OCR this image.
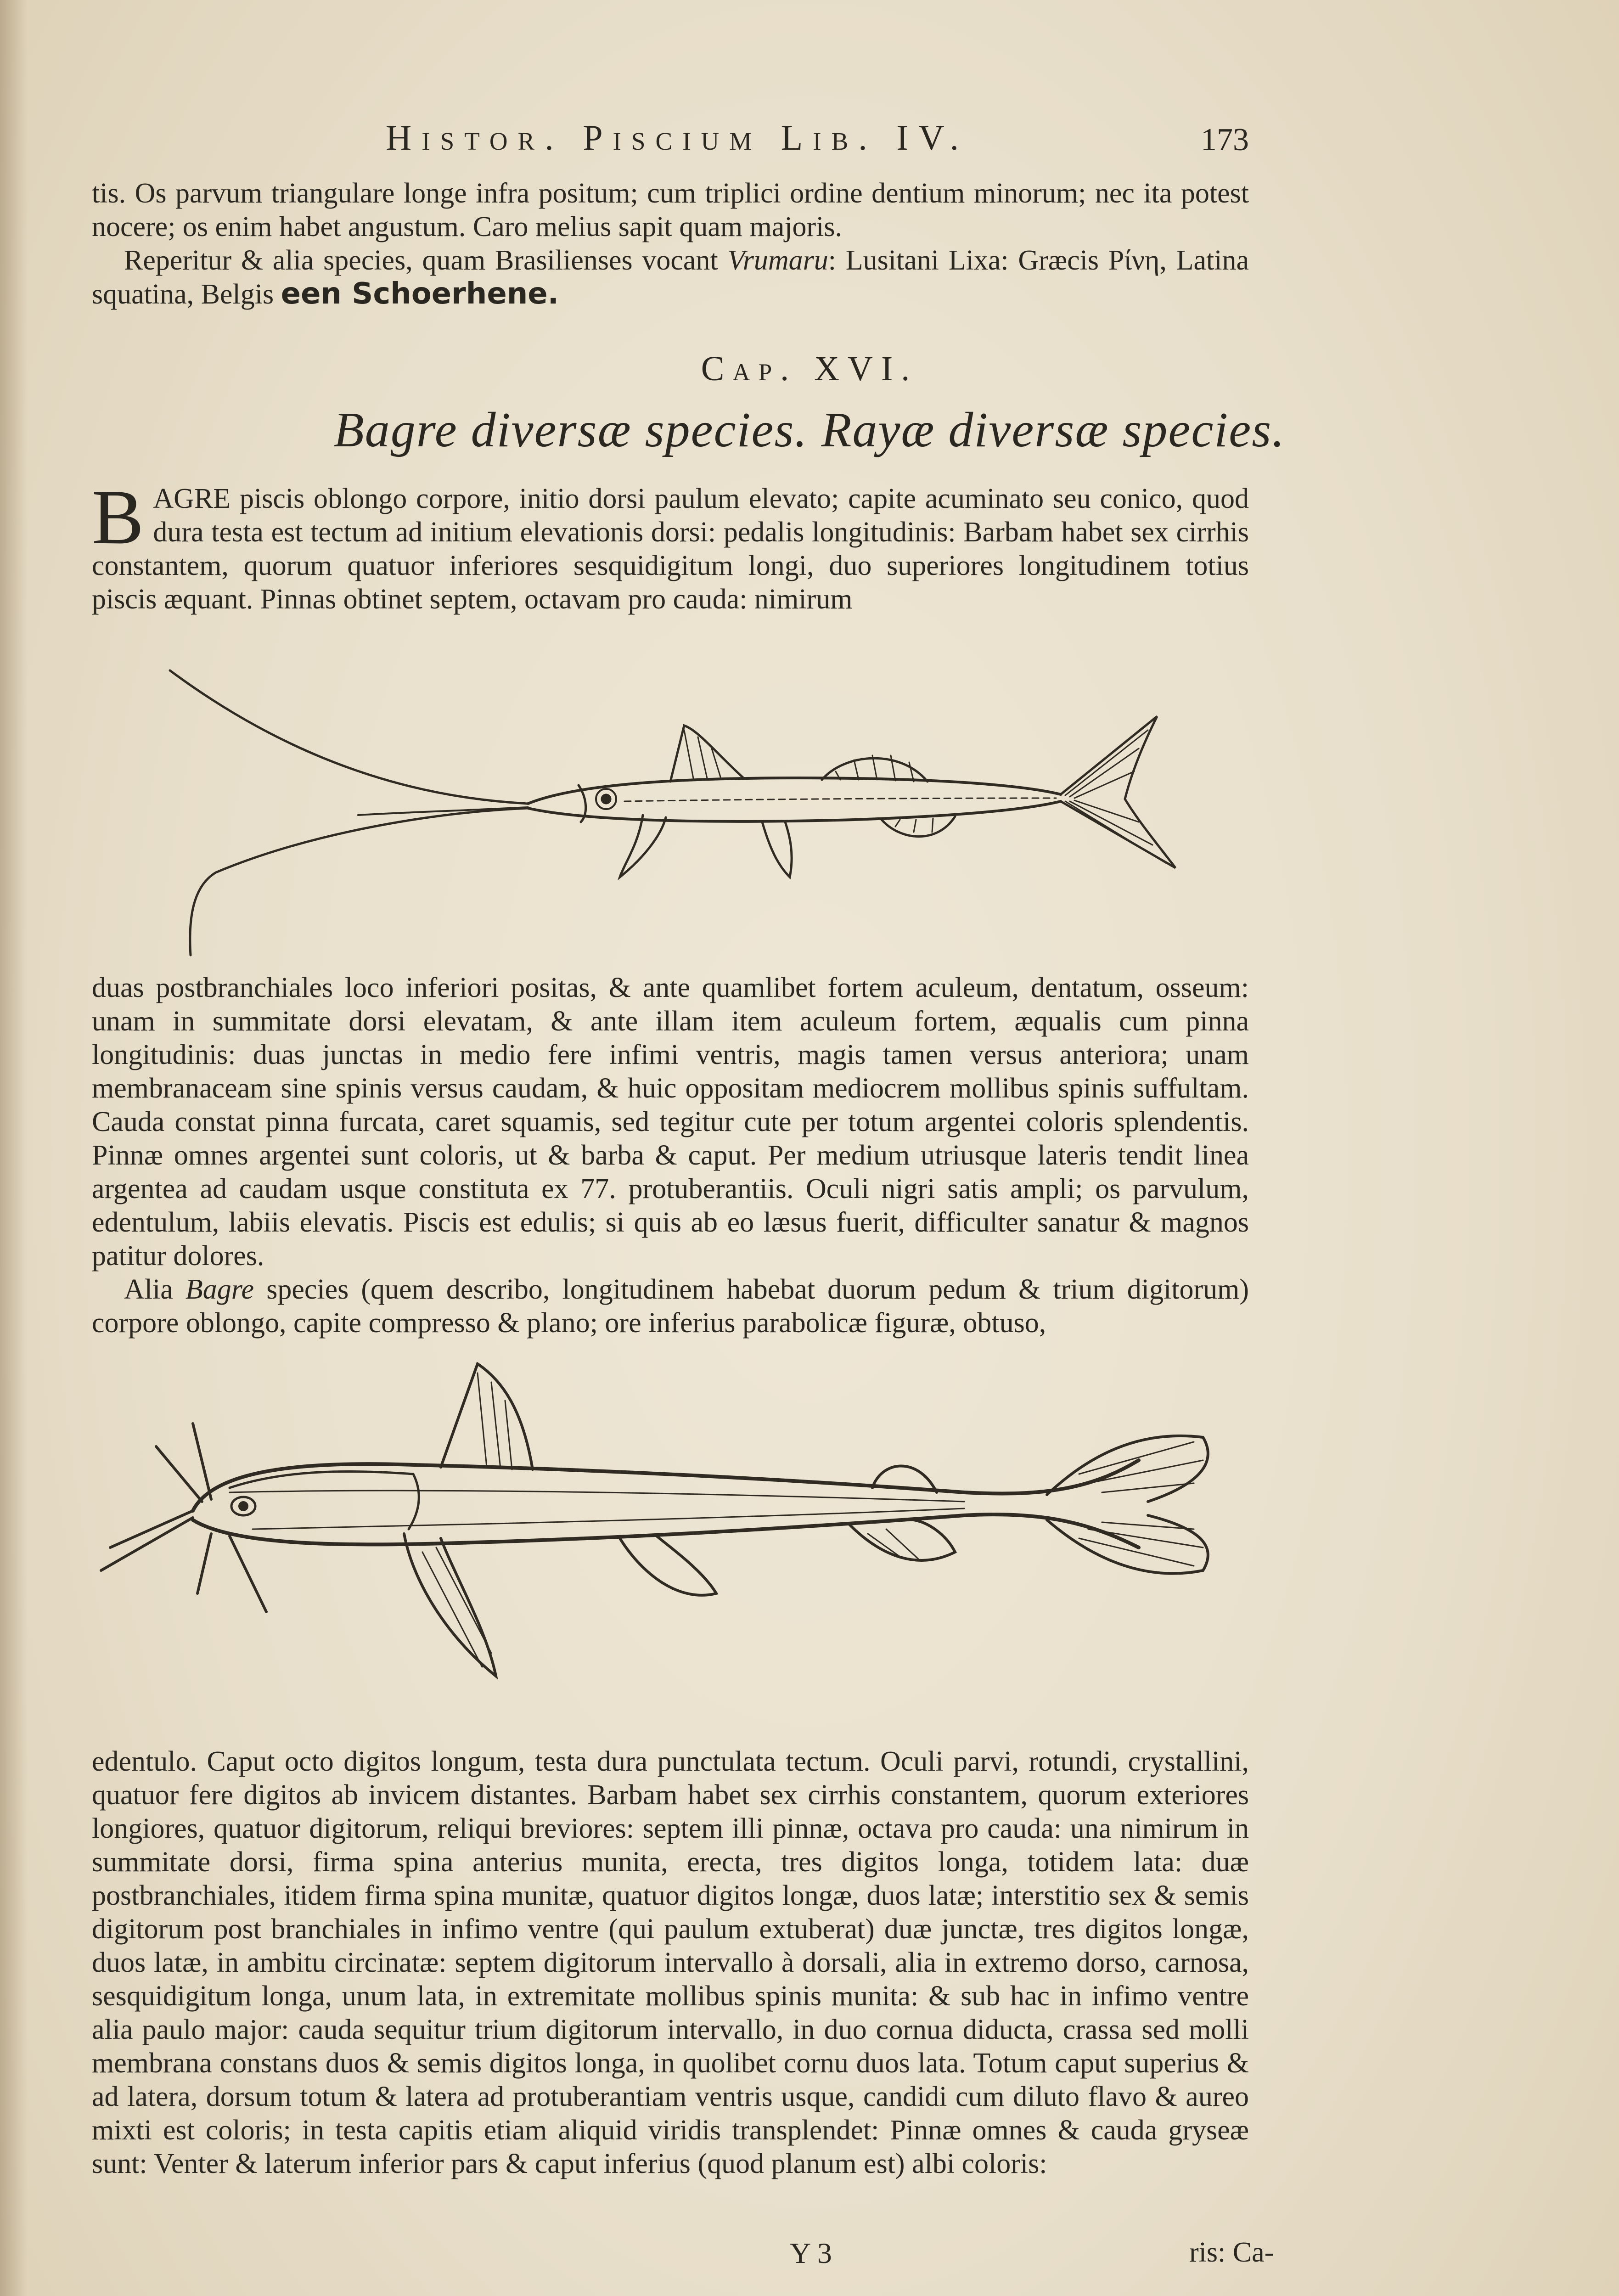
Histor. Piscium Lib. IV.	173

tis. Os parvum triangulare longe infra positum; cum triplici ordine dentium minorum; nec ita potest nocere; os enim habet angustum. Caro melius sapit quam majoris.

Reperitur & alia species, quam Brasilienses vocant Vrumaru: Lusitani Lixa: Græcis Ρίνη, Latina squatina, Belgis een Schoerhene.

Cap. XVI.
Bagre diversæ species. Rayæ diversæ species.

BAGRE piscis oblongo corpore, initio dorsi paulum elevato; capite acuminato seu conico, quod dura testa est tectum ad initium elevationis dorsi: pedalis longitudinis: Barbam habet sex cirrhis constantem, quorum quatuor inferiores sesquidigitum longi, duo superiores longitudinem totius piscis æquant. Pinnas obtinet septem, octavam pro cauda: nimirum

duas postbranchiales loco inferiori positas, & ante quamlibet fortem aculeum, dentatum, osseum: unam in summitate dorsi elevatam, & ante illam item aculeum fortem, æqualis cum pinna longitudinis: duas junctas in medio fere infimi ventris, magis tamen versus anteriora; unam membranaceam sine spinis versus caudam, & huic oppositam mediocrem mollibus spinis suffultam. Cauda constat pinna furcata, caret squamis, sed tegitur cute per totum argentei coloris splendentis. Pinnæ omnes argentei sunt coloris, ut & barba & caput. Per medium utriusque lateris tendit linea argentea ad caudam usque constituta ex 77. protuberantiis. Oculi nigri satis ampli; os parvulum, edentulum, labiis elevatis. Piscis est edulis; si quis ab eo læsus fuerit, difficulter sanatur & magnos patitur dolores.

Alia Bagre species (quem describo, longitudinem habebat duorum pedum & trium digitorum) corpore oblongo, capite compresso & plano; ore inferius parabolicæ figuræ, obtuso,

edentulo. Caput octo digitos longum, testa dura punctulata tectum. Oculi parvi, rotundi, crystallini, quatuor fere digitos ab invicem distantes. Barbam habet sex cirrhis constantem, quorum exteriores longiores, quatuor digitorum, reliqui breviores: septem illi pinnæ, octava pro cauda: una nimirum in summitate dorsi, firma spina anterius munita, erecta, tres digitos longa, totidem lata: duæ postbranchiales, itidem firma spina munitæ, quatuor digitos longæ, duos latæ; interstitio sex & semis digitorum post branchiales in infimo ventre (qui paulum extuberat) duæ junctæ, tres digitos longæ, duos latæ, in ambitu circinatæ: septem digitorum intervallo à dorsali, alia in extremo dorso, carnosa, sesquidigitum longa, unum lata, in extremitate mollibus spinis munita: & sub hac in infimo ventre alia paulo major: cauda sequitur trium digitorum intervallo, in duo cornua diducta, crassa sed molli membrana constans duos & semis digitos longa, in quolibet cornu duos lata. Totum caput superius & ad latera, dorsum totum & latera ad protuberantiam ventris usque, candidi cum diluto flavo & aureo mixti est coloris; in testa capitis etiam aliquid viridis transplendet: Pinnæ omnes & cauda gryseæ sunt: Venter & laterum inferior pars & caput inferius (quod planum est) albi coloris:

Y 3	ris: Ca-
